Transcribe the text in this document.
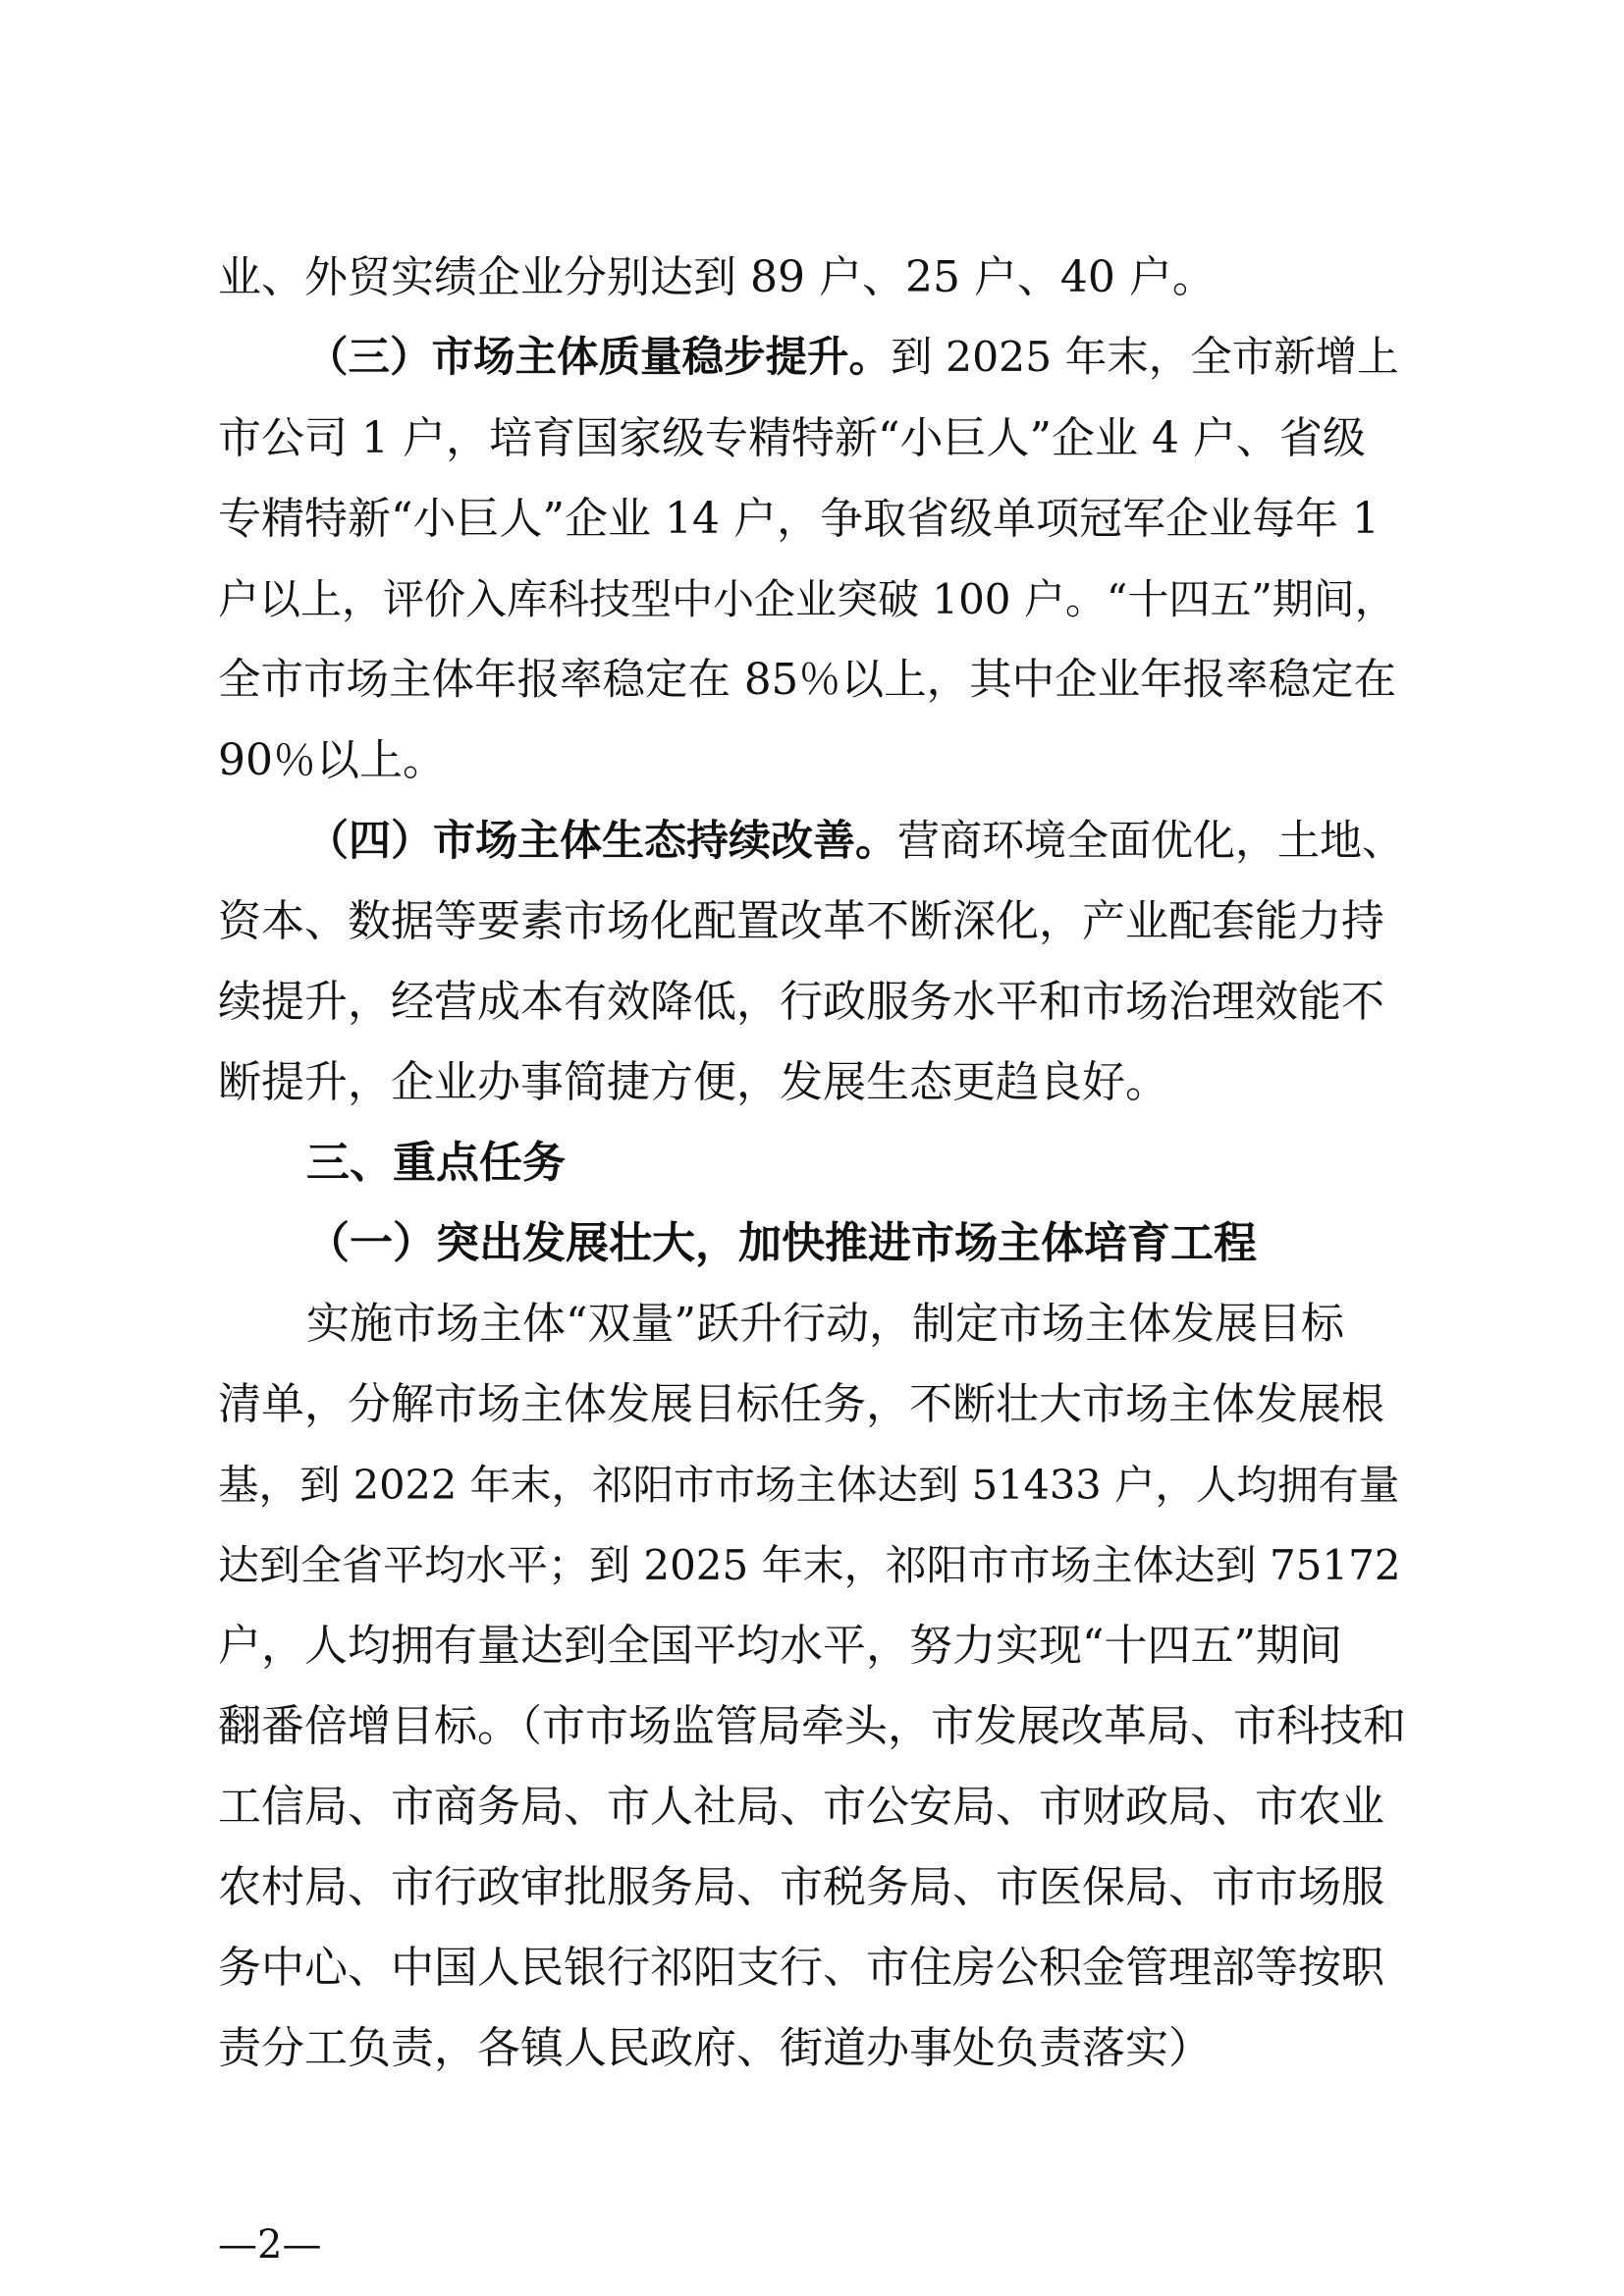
业、外贸实绩企业分别达到 89 户、25 户、40 户。
（三）市场主体质量稳步提升。到 2025 年末，全市新增上
市公司 1 户，培育国家级专精特新“小巨人”企业 4 户、省级
专精特新“小巨人”企业 14 户，争取省级单项冠军企业每年 1
户以上，评价入库科技型中小企业突破 100 户。“十四五”期间，
全市市场主体年报率稳定在 85％以上，其中企业年报率稳定在
90％以上。
（四）市场主体生态持续改善。营商环境全面优化，土地、
资本、数据等要素市场化配置改革不断深化，产业配套能力持
续提升，经营成本有效降低，行政服务水平和市场治理效能不
断提升，企业办事简捷方便，发展生态更趋良好。
三、重点任务
（一）突出发展壮大，加快推进市场主体培育工程
实施市场主体“双量”跃升行动，制定市场主体发展目标
清单，分解市场主体发展目标任务，不断壮大市场主体发展根
基，到 2022 年末，祁阳市市场主体达到 51433 户，人均拥有量
达到全省平均水平；到 2025 年末，祁阳市市场主体达到 75172
户，人均拥有量达到全国平均水平，努力实现“十四五”期间
翻番倍增目标。（市市场监管局牵头，市发展改革局、市科技和
工信局、市商务局、市人社局、市公安局、市财政局、市农业
农村局、市行政审批服务局、市税务局、市医保局、市市场服
务中心、中国人民银行祁阳支行、市住房公积金管理部等按职
责分工负责，各镇人民政府、街道办事处负责落实）
—2—
